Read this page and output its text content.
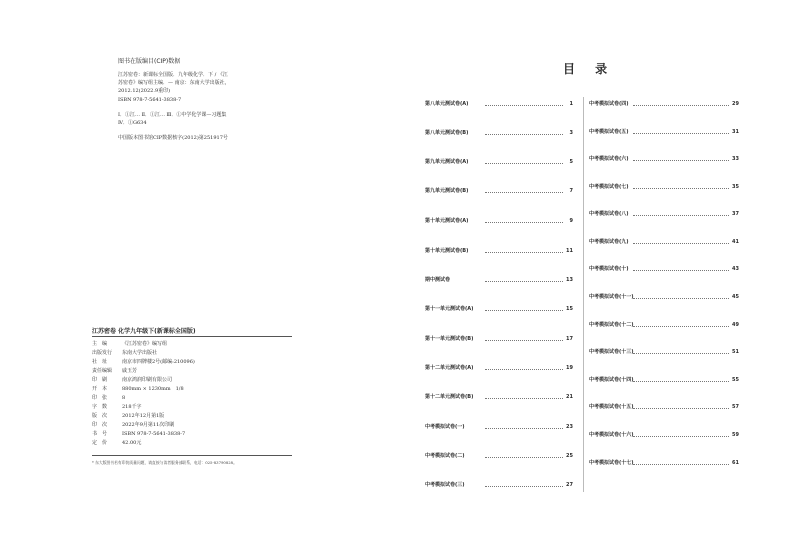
图书在版编目(CIP)数据
江苏密卷：新课标全国版．九年级化学．下 / 《江
苏密卷》编写组主编．— 南京：东南大学出版社，
2012.12(2022.9重印)
ISBN 978-7-5641-3838-7
Ⅰ．①江… Ⅱ．①江… Ⅲ．①中学化学课—习题集
Ⅳ．①G634
中国版本图书馆CIP数据核字(2012)第251917号
江苏密卷 化学九年级下(新课标全国版)
主　编	《江苏密卷》编写组
出版发行 东南大学出版社
社　址	南京市四牌楼2号(邮编:210096)
责任编辑 戚玉芳
印　刷	南京鸿润印刷有限公司
开　本	880mm × 1230mm　1/8
印　张	8
字　数	218千字
版　次	2012年12月第1版
印　次	2022年9月第11次印刷
书　号	ISBN 978-7-5641-3838-7
定　价	42.00元
* 东大版图书若有印装质量问题，请直接与读者服务部联系，电话：025-83790828。
目 录
第八单元测试卷(A)	1
第八单元测试卷(B)	3
第九单元测试卷(A)	5
第九单元测试卷(B)	7
第十单元测试卷(A)	9
第十单元测试卷(B)	11
期中测试卷	13
第十一单元测试卷(A)	15
第十一单元测试卷(B)	17
第十二单元测试卷(A)	19
第十二单元测试卷(B)	21
中考模拟试卷(一)	23
中考模拟试卷(二)	25
中考模拟试卷(三)	27
中考模拟试卷(四)	29
中考模拟试卷(五)	31
中考模拟试卷(六)	33
中考模拟试卷(七)	35
中考模拟试卷(八)	37
中考模拟试卷(九)	41
中考模拟试卷(十)	43
中考模拟试卷(十一)	45
中考模拟试卷(十二)	49
中考模拟试卷(十三)	51
中考模拟试卷(十四)	55
中考模拟试卷(十五)	57
中考模拟试卷(十六)	59
中考模拟试卷(十七)	61
